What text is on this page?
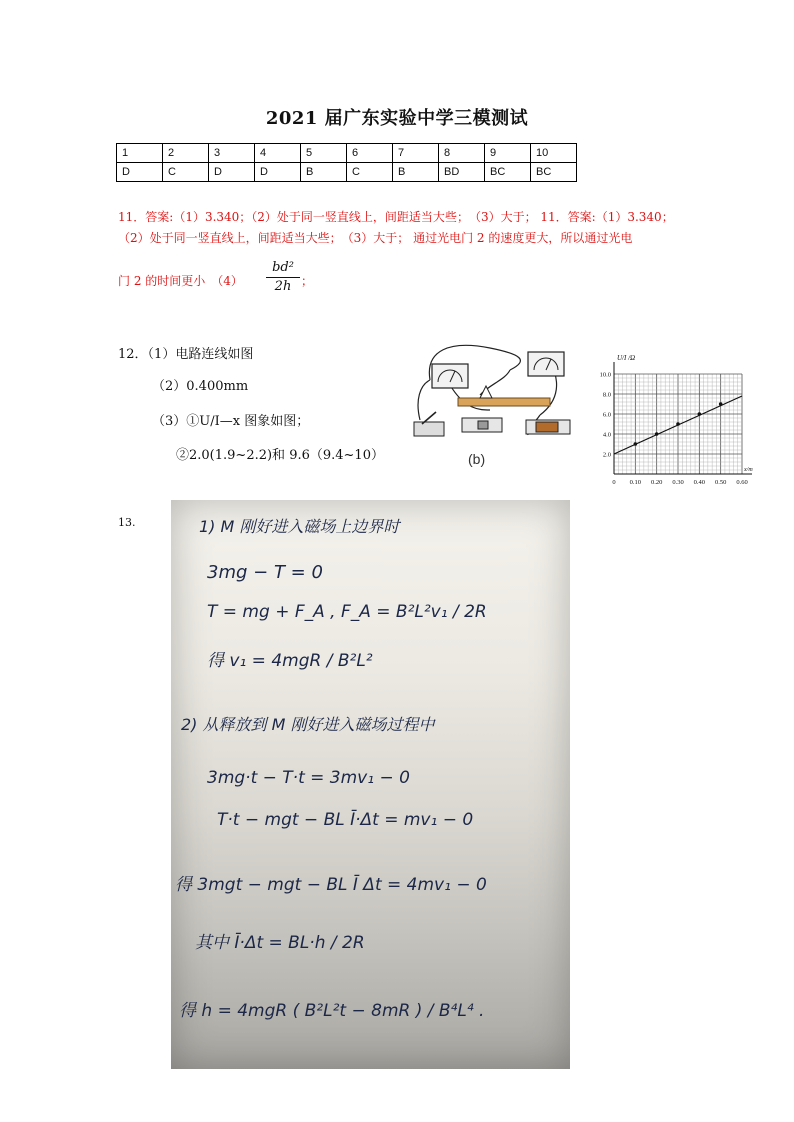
2021 届广东实验中学三模测试
1	2	3	4	5	6	7	8	9	10
D	C	D	D	B	C	B	BD	BC	BC
11．答案:（1）3.340；（2）处于同一竖直线上，间距适当大些；　（3）大于； 11．答案:（1）3.340；
（2）处于同一竖直线上，间距适当大些；　（3）大于； 通过光电门 2 的速度更大，所以通过光电
门 2 的时间更小　$(4) \frac{\text{bd²}}{2h}$ ；
12．（1）电路连线如图
（2）0.400mm
（3）①U/I—x 图象如图；
②2.0(1.9~2.2)和 9.6（9.4~10）	(b)
0 0.10 0.20 0.30 0.40 0.50 0.60
2.0
4.0
6.0
8.0
10.0
U/I /Ω
x/m
13.	1) M 刚好进入磁场上边界时
3mg − T = 0
T = mg + F_A , F_A = B²L²v₁ / 2R
得 v₁ = 4mgR / B²L²
2) 从释放到 M 刚好进入磁场过程中
3mg·t − T·t = 3mv₁ − 0
T·t − mgt − BL Ī·Δt = mv₁ − 0
得 3mgt − mgt − BL Ī Δt = 4mv₁ − 0
其中 Ī·Δt = BL·h / 2R
得 h = 4mgR ( B²L²t − 8mR ) / B⁴L⁴ .
